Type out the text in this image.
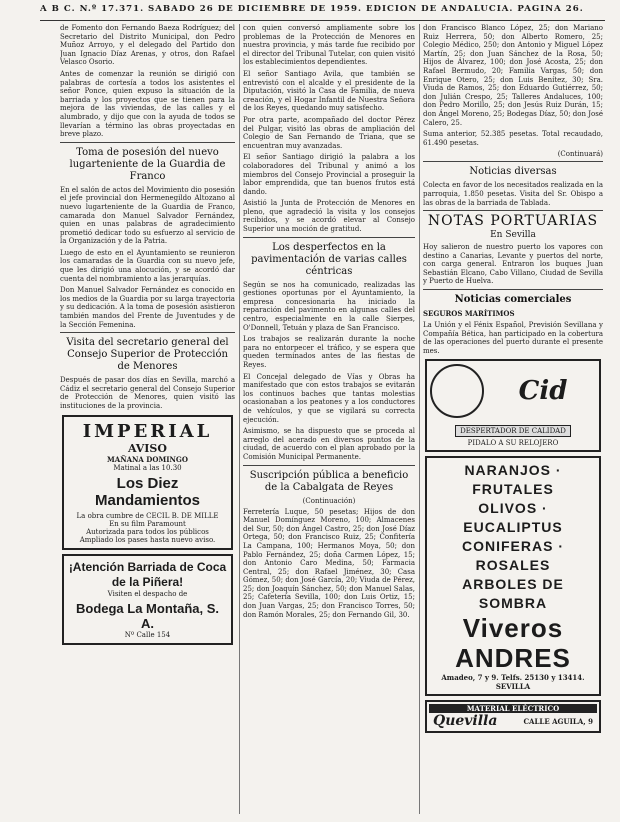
A B C. N.º 17.371. SABADO 26 DE DICIEMBRE DE 1959. EDICION DE ANDALUCIA. PAGINA 26.

de Fomento don Fernando Baeza Rodríguez; del Secretario del Distrito Municipal, don Pedro Muñoz Arroyo, y el delegado del Partido don Juan Ignacio Díaz Arenas, y otros, don Rafael Velasco Osorio.

Antes de comenzar la reunión se dirigió con palabras de cortesía a todos los asistentes el señor Ponce, quien expuso la situación de la barriada y los proyectos que se tienen para la mejora de las viviendas, de las calles y el alumbrado, y dijo que con la ayuda de todos se llevarían a término las obras proyectadas en breve plazo.

Toma de posesión del nuevo lugarteniente de la Guardia de Franco

En el salón de actos del Movimiento dio posesión el jefe provincial don Hermenegildo Altozano al nuevo lugarteniente de la Guardia de Franco, camarada don Manuel Salvador Fernández, quien en unas palabras de agradecimiento prometió dedicar todo su esfuerzo al servicio de la Organización y de la Patria.

Luego de esto en el Ayuntamiento se reunieron los camaradas de la Guardia con su nuevo jefe, que les dirigió una alocución, y se acordó dar cuenta del nombramiento a las jerarquías.

Don Manuel Salvador Fernández es conocido en los medios de la Guardia por su larga trayectoria y su dedicación. A la toma de posesión asistieron también mandos del Frente de Juventudes y de la Sección Femenina.

Visita del secretario general del Consejo Superior de Protección de Menores

Después de pasar dos días en Sevilla, marchó a Cádiz el secretario general del Consejo Superior de Protección de Menores, quien visitó las instituciones de la provincia.

IMPERIAL
AVISO
MAÑANA DOMINGO
Matinal a las 10.30
Los Diez Mandamientos
La obra cumbre de CECIL B. DE MILLE
En su film Paramount
Autorizada para todos los públicos
Ampliado los pases hasta nuevo aviso.
¡Atención Barriada de Coca de la Piñera!
Visiten el despacho de
Bodega La Montaña, S. A.
Nº Calle 154

con quien conversó ampliamente sobre los problemas de la Protección de Menores en nuestra provincia, y más tarde fue recibido por el director del Tribunal Tutelar, con quien visitó los establecimientos dependientes.

El señor Santiago Avila, que también se entrevistó con el alcalde y el presidente de la Diputación, visitó la Casa de Familia, de nueva creación, y el Hogar Infantil de Nuestra Señora de los Reyes, quedando muy satisfecho.

Por otra parte, acompañado del doctor Pérez del Pulgar, visitó las obras de ampliación del Colegio de San Fernando de Triana, que se encuentran muy avanzadas.

El señor Santiago dirigió la palabra a los colaboradores del Tribunal y animó a los miembros del Consejo Provincial a proseguir la labor emprendida, que tan buenos frutos está dando.

Asistió la Junta de Protección de Menores en pleno, que agradeció la visita y los consejos recibidos, y se acordó elevar al Consejo Superior una moción de gratitud.

Los desperfectos en la pavimentación de varias calles céntricas

Según se nos ha comunicado, realizadas las gestiones oportunas por el Ayuntamiento, la empresa concesionaria ha iniciado la reparación del pavimento en algunas calles del centro, especialmente en la calle Sierpes, O'Donnell, Tetuán y plaza de San Francisco.

Los trabajos se realizarán durante la noche para no entorpecer el tráfico, y se espera que queden terminados antes de las fiestas de Reyes.

El Concejal delegado de Vías y Obras ha manifestado que con estos trabajos se evitarán los continuos baches que tantas molestias ocasionaban a los peatones y a los conductores de vehículos, y que se vigilará su correcta ejecución.

Asimismo, se ha dispuesto que se proceda al arreglo del acerado en diversos puntos de la ciudad, de acuerdo con el plan aprobado por la Comisión Municipal Permanente.

Suscripción pública a beneficio de la Cabalgata de Reyes
(Continuación)

Ferretería Luque, 50 pesetas; Hijos de don Manuel Domínguez Moreno, 100; Almacenes del Sur, 50; don Ángel Castro, 25; don José Díaz Ortega, 50; don Francisco Ruiz, 25; Confitería La Campana, 100; Hermanos Moya, 50; don Pablo Fernández, 25; doña Carmen López, 15; don Antonio Caro Medina, 50; Farmacia Central, 25; don Rafael Jiménez, 30; Casa Gómez, 50; don José García, 20; Viuda de Pérez, 25; don Joaquín Sánchez, 50; don Manuel Salas, 25; Cafetería Sevilla, 100; don Luis Ortiz, 15; don Juan Vargas, 25; don Francisco Torres, 50; don Ramón Morales, 25; don Fernando Gil, 30.

don Francisco Blanco López, 25; don Mariano Ruiz Herrera, 50; don Alberto Romero, 25; Colegio Médico, 250; don Antonio y Miguel López Martín, 25; don Juan Sánchez de la Rosa, 50; Hijos de Álvarez, 100; don José Acosta, 25; don Rafael Bermudo, 20; Familia Vargas, 50; don Enrique Otero, 25; don Luis Benítez, 30; Sra. Viuda de Ramos, 25; don Eduardo Gutiérrez, 50; don Julián Crespo, 25; Talleres Andaluces, 100; don Pedro Morillo, 25; don Jesús Ruiz Durán, 15; don Ángel Moreno, 25; Bodegas Díaz, 50; don José Calero, 25.

Suma anterior, 52.385 pesetas. Total recaudado, 61.490 pesetas.

(Continuará)
Noticias diversas

Colecta en favor de los necesitados realizada en la parroquia, 1.850 pesetas. Visita del Sr. Obispo a las obras de la barriada de Tablada.

NOTAS PORTUARIAS
En Sevilla

Hoy salieron de nuestro puerto los vapores con destino a Canarias, Levante y puertos del norte, con carga general. Entraron los buques Juan Sebastián Elcano, Cabo Villano, Ciudad de Sevilla y Puerto de Huelva.

Noticias comerciales
SEGUROS MARÍTIMOS

La Unión y el Fénix Español, Previsión Sevillana y Compañía Bética, han participado en la cobertura de las operaciones del puerto durante el presente mes.

Cid
DESPERTADOR DE CALIDAD
PIDALO A SU RELOJERO
NARANJOS · FRUTALES
OLIVOS · EUCALIPTUS
CONIFERAS · ROSALES
ARBOLES DE SOMBRA
Viveros ANDRES
Amadeo, 7 y 9. Telfs. 25130 y 13414.
SEVILLA
MATERIAL ELÉCTRICO
Quevilla	CALLE AGUILA, 9
